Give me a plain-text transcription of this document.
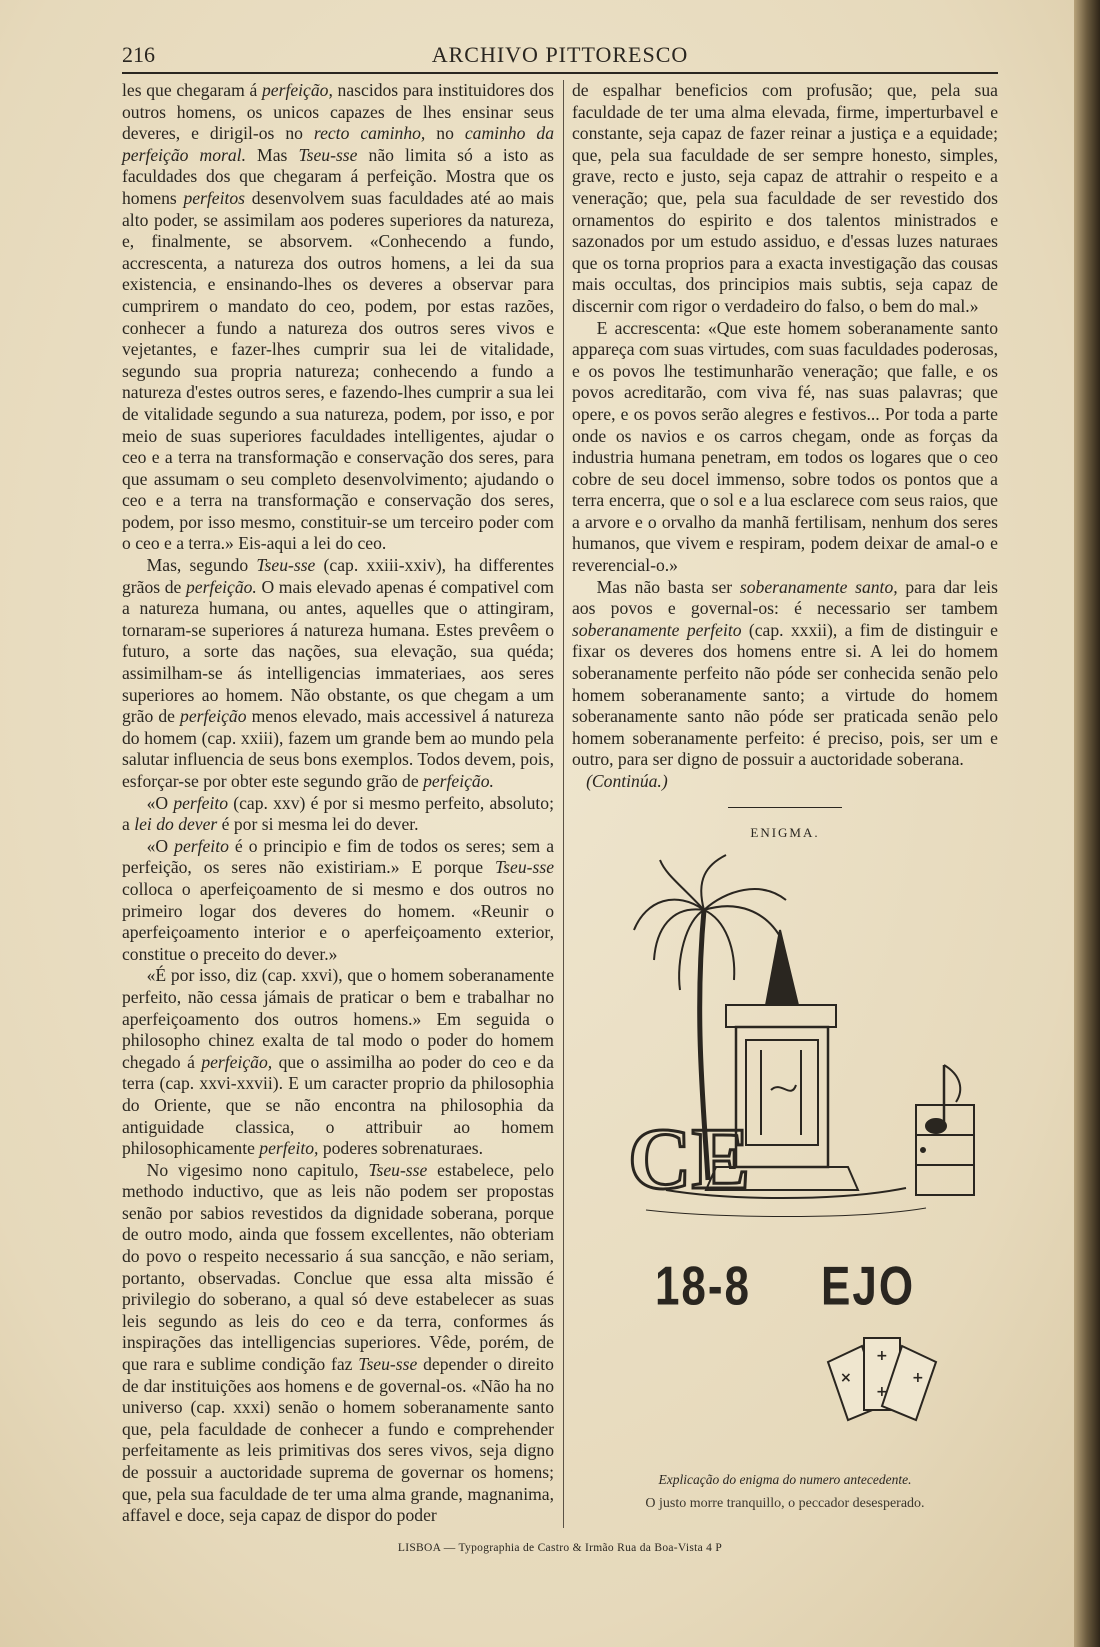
216	ARCHIVO PITTORESCO

les que chegaram á perfeição, nascidos para instituidores dos outros homens, os unicos capazes de lhes ensinar seus deveres, e dirigil-os no recto caminho, no caminho da perfeição moral. Mas Tseu-sse não limita só a isto as faculdades dos que chegaram á perfeição. Mostra que os homens perfeitos desenvolvem suas faculdades até ao mais alto poder, se assimilam aos poderes superiores da natureza, e, finalmente, se absorvem. «Conhecendo a fundo, accrescenta, a natureza dos outros homens, a lei da sua existencia, e ensinando-lhes os deveres a observar para cumprirem o mandato do ceo, podem, por estas razões, conhecer a fundo a natureza dos outros seres vivos e vejetantes, e fazer-lhes cumprir sua lei de vitalidade, segundo sua propria natureza; conhecendo a fundo a natureza d'estes outros seres, e fazendo-lhes cumprir a sua lei de vitalidade segundo a sua natureza, podem, por isso, e por meio de suas superiores faculdades intelligentes, ajudar o ceo e a terra na transformação e conservação dos seres, para que assumam o seu completo desenvolvimento; ajudando o ceo e a terra na transformação e conservação dos seres, podem, por isso mesmo, constituir-se um terceiro poder com o ceo e a terra.» Eis-aqui a lei do ceo.

Mas, segundo Tseu-sse (cap. xxiii-xxiv), ha differentes grãos de perfeição. O mais elevado apenas é compativel com a natureza humana, ou antes, aquelles que o attingiram, tornaram-se superiores á natureza humana. Estes prevêem o futuro, a sorte das nações, sua elevação, sua quéda; assimilham-se ás intelligencias immateriaes, aos seres superiores ao homem. Não obstante, os que chegam a um grão de perfeição menos elevado, mais accessivel á natureza do homem (cap. xxiii), fazem um grande bem ao mundo pela salutar influencia de seus bons exemplos. Todos devem, pois, esforçar-se por obter este segundo grão de perfeição.

«O perfeito (cap. xxv) é por si mesmo perfeito, absoluto; a lei do dever é por si mesma lei do dever.

«O perfeito é o principio e fim de todos os seres; sem a perfeição, os seres não existiriam.» E porque Tseu-sse colloca o aperfeiçoamento de si mesmo e dos outros no primeiro logar dos deveres do homem. «Reunir o aperfeiçoamento interior e o aperfeiçoamento exterior, constitue o preceito do dever.»

«É por isso, diz (cap. xxvi), que o homem soberanamente perfeito, não cessa jámais de praticar o bem e trabalhar no aperfeiçoamento dos outros homens.» Em seguida o philosopho chinez exalta de tal modo o poder do homem chegado á perfeição, que o assimilha ao poder do ceo e da terra (cap. xxvi-xxvii). E um caracter proprio da philosophia do Oriente, que se não encontra na philosophia da antiguidade classica, o attribuir ao homem philosophicamente perfeito, poderes sobrenaturaes.

No vigesimo nono capitulo, Tseu-sse estabelece, pelo methodo inductivo, que as leis não podem ser propostas senão por sabios revestidos da dignidade soberana, porque de outro modo, ainda que fossem excellentes, não obteriam do povo o respeito necessario á sua sancção, e não seriam, portanto, observadas. Conclue que essa alta missão é privilegio do soberano, a qual só deve estabelecer as suas leis segundo as leis do ceo e da terra, conformes ás inspirações das intelligencias superiores. Vêde, porém, de que rara e sublime condição faz Tseu-sse depender o direito de dar instituições aos homens e de governal-os. «Não ha no universo (cap. xxxi) senão o homem soberanamente santo que, pela faculdade de conhecer a fundo e comprehender perfeitamente as leis primitivas dos seres vivos, seja digno de possuir a auctoridade suprema de governar os homens; que, pela sua faculdade de ter uma alma grande, magnanima, affavel e doce, seja capaz de dispor do poder

de espalhar beneficios com profusão; que, pela sua faculdade de ter uma alma elevada, firme, imperturbavel e constante, seja capaz de fazer reinar a justiça e a equidade; que, pela sua faculdade de ser sempre honesto, simples, grave, recto e justo, seja capaz de attrahir o respeito e a veneração; que, pela sua faculdade de ser revestido dos ornamentos do espirito e dos talentos ministrados e sazonados por um estudo assiduo, e d'essas luzes naturaes que os torna proprios para a exacta investigação das cousas mais occultas, dos principios mais subtis, seja capaz de discernir com rigor o verdadeiro do falso, o bem do mal.»

E accrescenta: «Que este homem soberanamente santo appareça com suas virtudes, com suas faculdades poderosas, e os povos lhe testimunharão veneração; que falle, e os povos acreditarão, com viva fé, nas suas palavras; que opere, e os povos serão alegres e festivos... Por toda a parte onde os navios e os carros chegam, onde as forças da industria humana penetram, em todos os logares que o ceo cobre de seu docel immenso, sobre todos os pontos que a terra encerra, que o sol e a lua esclarece com seus raios, que a arvore e o orvalho da manhã fertilisam, nenhum dos seres humanos, que vivem e respiram, podem deixar de amal-o e reverencial-o.»

Mas não basta ser soberanamente santo, para dar leis aos povos e governal-os: é necessario ser tambem soberanamente perfeito (cap. xxxii), a fim de distinguir e fixar os deveres dos homens entre si. A lei do homem soberanamente perfeito não póde ser conhecida senão pelo homem soberanamente santo; a virtude do homem soberanamente santo não póde ser praticada senão pelo homem soberanamente perfeito: é preciso, pois, ser um e outro, para ser digno de possuir a auctoridade soberana.

(Continúa.)

ENIGMA.
CE
18-8 EJO
×
+
+
+
Explicação do enigma do numero antecedente.
O justo morre tranquillo, o peccador desesperado.
LISBOA — Typographia de Castro & Irmão Rua da Boa-Vista 4 P
